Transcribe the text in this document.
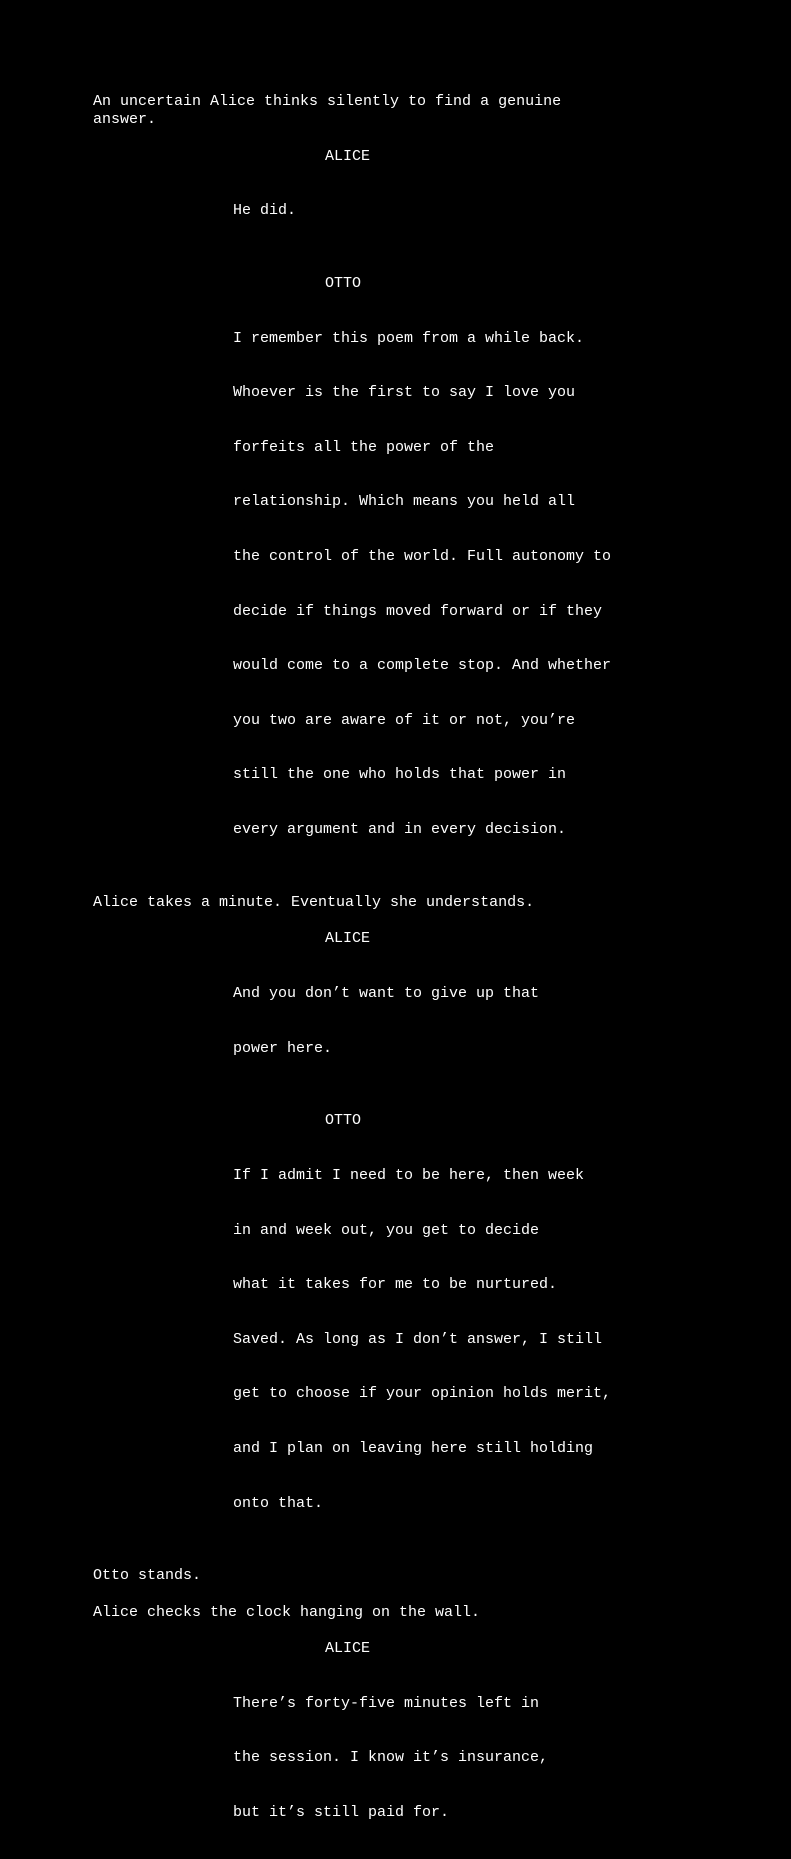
An uncertain Alice thinks silently to find a genuine
answer.
ALICE

He did.

OTTO

I remember this poem from a while back.

Whoever is the first to say I love you

forfeits all the power of the

relationship. Which means you held all

the control of the world. Full autonomy to

decide if things moved forward or if they

would come to a complete stop. And whether

you two are aware of it or not, you’re

still the one who holds that power in

every argument and in every decision.

Alice takes a minute. Eventually she understands.
ALICE

And you don’t want to give up that

power here.

OTTO

If I admit I need to be here, then week

in and week out, you get to decide

what it takes for me to be nurtured.

Saved. As long as I don’t answer, I still

get to choose if your opinion holds merit,

and I plan on leaving here still holding

onto that.

Otto stands.
Alice checks the clock hanging on the wall.
ALICE

There’s forty-five minutes left in

the session. I know it’s insurance,

but it’s still paid for.
